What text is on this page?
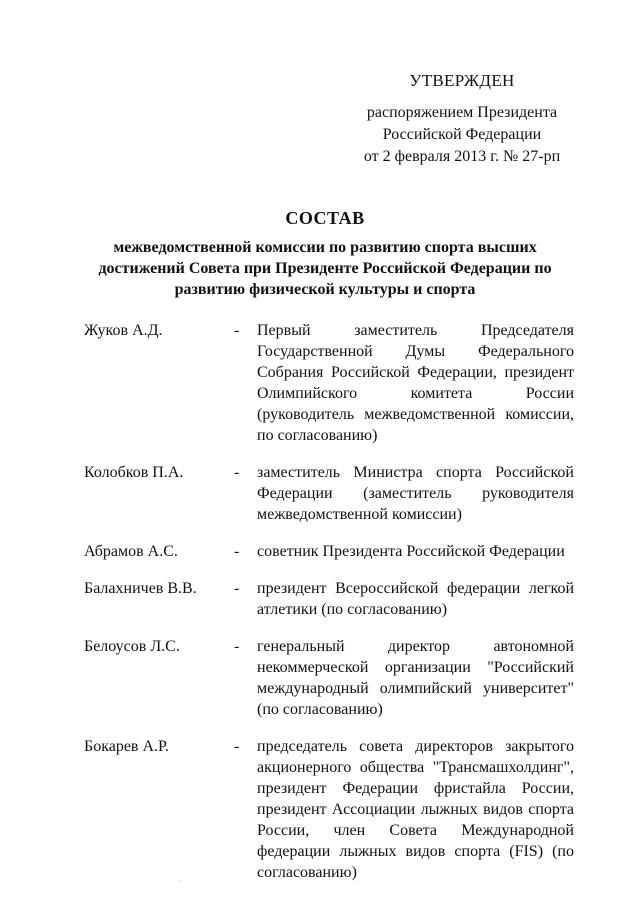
УТВЕРЖДЕН
распоряжением Президента
Российской Федерации
от 2 февраля 2013 г. № 27-рп
СОСТАВ
межведомственной комиссии по развитию спорта высших достижений Совета при Президенте Российской Федерации по развитию физической культуры и спорта
Жуков А.Д.	-	Первый заместитель Председателя Государственной Думы Федерального Собрания Российской Федерации, президент Олимпийского комитета России (руководитель межведомственной комиссии, по согласованию)
Колобков П.А.	-	заместитель Министра спорта Российской Федерации (заместитель руководителя межведомственной комиссии)
Абрамов А.С.	-	советник Президента Российской Федерации
Балахничев В.В.	-	президент Всероссийской федерации легкой атлетики (по согласованию)
Белоусов Л.С.	-	генеральный директор автономной некоммерческой организации "Российский международный олимпийский университет" (по согласованию)
Бокарев А.Р.	-	председатель совета директоров закрытого акционерного общества "Трансмашхолдинг", президент Федерации фристайла России, президент Ассоциации лыжных видов спорта России, член Совета Международной федерации лыжных видов спорта (FIS) (по согласованию)
·
